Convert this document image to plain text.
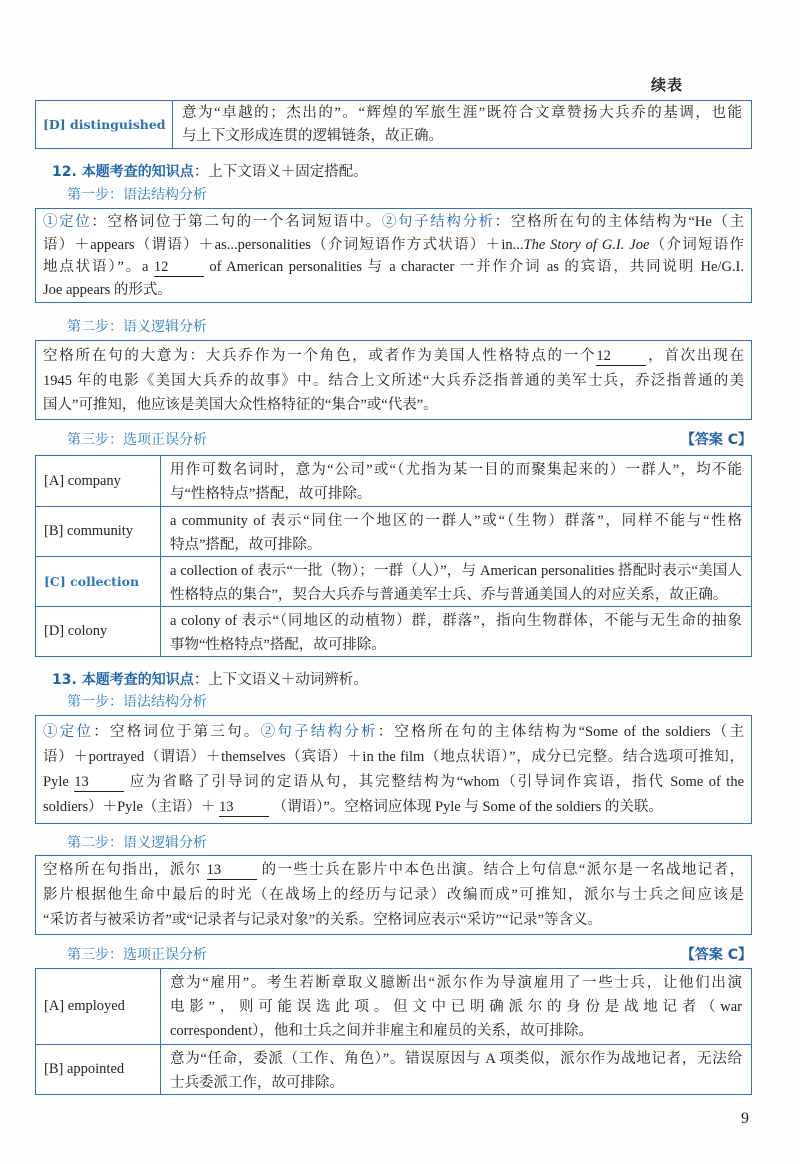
续表
[D] distinguished
意为“卓越的；杰出的”。“辉煌的军旅生涯”既符合文章赞扬大兵乔的基调，也能
与上下文形成连贯的逻辑链条，故正确。
12. 本题考查的知识点：上下文语义＋固定搭配。
第一步：语法结构分析
①定位：空格词位于第二句的一个名词短语中。②句子结构分析：空格所在句的主体结构为“He（主
语）＋appears（谓语）＋as...personalities（介词短语作方式状语）＋in...The Story of G.I. Joe（介词短语作
地点状语）”。a 12 of American personalities 与 a character 一并作介词 as 的宾语，共同说明 He/G.I.
Joe appears 的形式。
第二步：语义逻辑分析
空格所在句的大意为：大兵乔作为一个角色，或者作为美国人性格特点的一个12 ，首次出现在
1945 年的电影《美国大兵乔的故事》中。结合上文所述“大兵乔泛指普通的美军士兵，乔泛指普通的美
国人”可推知，他应该是美国大众性格特征的“集合”或“代表”。
第三步：选项正误分析	【答案 C】
[A] company
用作可数名词时，意为“公司”或“（尤指为某一目的而聚集起来的）一群人”，均不能
与“性格特点”搭配，故可排除。
[B] community
a community of 表示“同住一个地区的一群人”或“（生物）群落”，同样不能与“性格
特点”搭配，故可排除。
[C] collection
a collection of 表示“一批（物）；一群（人）”，与 American personalities 搭配时表示“美国人
性格特点的集合”，契合大兵乔与普通美军士兵、乔与普通美国人的对应关系，故正确。
[D] colony
a colony of 表示“（同地区的动植物）群，群落”，指向生物群体，不能与无生命的抽象
事物“性格特点”搭配，故可排除。
13. 本题考查的知识点：上下文语义＋动词辨析。
第一步：语法结构分析
①定位：空格词位于第三句。②句子结构分析：空格所在句的主体结构为“Some of the soldiers（主
语）＋portrayed（谓语）＋themselves（宾语）＋in the film（地点状语）”，成分已完整。结合选项可推知，
Pyle 13 应为省略了引导词的定语从句，其完整结构为“whom（引导词作宾语，指代 Some of the
soldiers）＋Pyle（主语）＋ 13 （谓语）”。空格词应体现 Pyle 与 Some of the soldiers 的关联。
第二步：语义逻辑分析
空格所在句指出，派尔 13 的一些士兵在影片中本色出演。结合上句信息“派尔是一名战地记者，
影片根据他生命中最后的时光（在战场上的经历与记录）改编而成”可推知，派尔与士兵之间应该是
“采访者与被采访者”或“记录者与记录对象”的关系。空格词应表示“采访”“记录”等含义。
第三步：选项正误分析	【答案 C】
[A] employed
意为“雇用”。考生若断章取义臆断出“派尔作为导演雇用了一些士兵，让他们出演
电影”，则可能误选此项。但文中已明确派尔的身份是战地记者（war
correspondent），他和士兵之间并非雇主和雇员的关系，故可排除。
[B] appointed
意为“任命，委派（工作、角色）”。错误原因与 A 项类似，派尔作为战地记者，无法给
士兵委派工作，故可排除。
9
